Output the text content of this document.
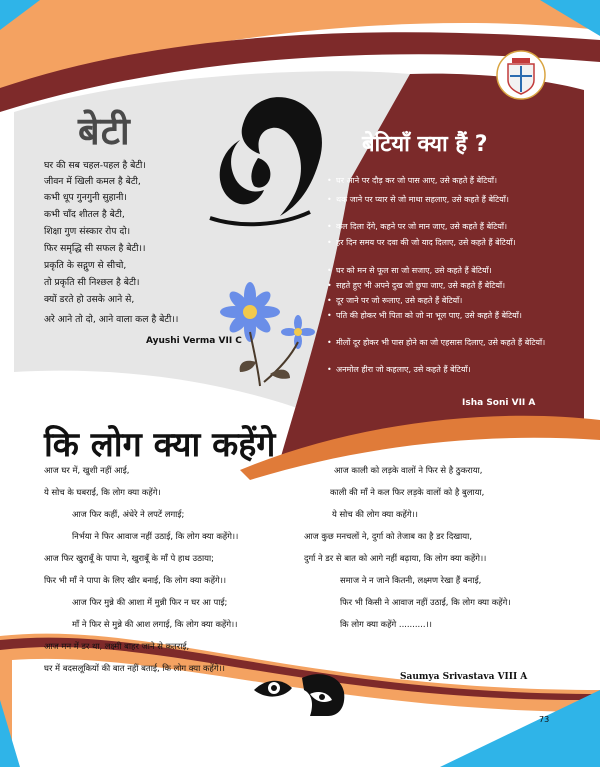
बेटी
घर की सब चहल-पहल है बेटी।
जीवन में खिली कमल है बेटी,
कभी धूप गुनगुनी सुहानी।
कभी चाँद शीतल है बेटी,
शिक्षा गुण संस्कार रोप दो।
फिर समृद्धि सी सफल है बेटी।।
प्रकृति के सद्गुण से सीचो,
तो प्रकृति सी निश्छल है बेटी।
क्यों डरते हो उसके आने से,
अरे आने तो दो, आने वाला कल है बेटी।।
Ayushi Verma VII C
बेटियाँ क्या हैं ?
• घर आने पर दौड़ कर जो पास आए, उसे कहते हैं बेटियाँ।
• थक जाने पर प्यार से जो माथा सहलाए, उसे कहते हैं बेटियाँ।
• कल दिला देंगे, कहने पर जो मान जाए, उसे कहते हैं बेटियाँ।
• हर दिन समय पर दवा की जो याद दिलाए, उसे कहते हैं बेटियाँ।
• घर को मन से फूल सा जो सजाए, उसे कहते हैं बेटियाँ।
• सहते हुए भी अपने दुख जो छुपा जाए, उसे कहते हैं बेटियाँ।
• दूर जाने पर जो रूलाए, उसे कहते हैं बेटियाँ।
• पति की होकर भी पिता को जो ना भूल पाए, उसे कहते हैं बेटियाँ।
• मीलों दूर होकर भी पास होने का जो एहसास दिलाए, उसे कहते हैं बेटियाँ।
• अनमोल हीरा जो कहलाए, उसे कहते हैं बेटियाँ।
Isha Soni VII A
कि लोग क्या कहेंगे
आज घर में, खुशी नहीं आई,
ये सोच के घबराई, कि लोग क्या कहेंगे।
आज फिर कहीं, अंधेरे ने लपटें लगाई;
निर्भया ने फिर आवाज नहीं उठाई, कि लोग क्या कहेंगे।।
आज फिर खुराबूँ के पापा ने, खुराबूँ के माँ पे हाथ उठाया;
फिर भी माँ ने पापा के लिए खीर बनाई, कि लोग क्या कहेंगे।।
आज फिर मुन्ने की आशा में मुन्नी फिर न घर आ पाई;
माँ ने फिर से मुन्ने की आश लगाई, कि लोग क्या कहेंगे।।
आज मन में डर था, लक्ष्मी बाहर जाने से कतराई,
घर में बदसलूकियों की बात नहीं बताई, कि लोग क्या कहेंगे।।
आज काली को लड़के वालों ने फिर से है ठुकराया,
काली की माँ ने कल फिर लड़के वालों को है बुलाया,
ये सोच की लोग क्या कहेंगे।।
आज कुछ मनचलों ने, दुर्गा को तेजाब का है डर दिखाया,
दुर्गा ने डर से बात को आगे नहीं बढ़ाया, कि लोग क्या कहेंगे।।
समाज ने न जाने कितनी, लक्ष्मण रेखा हैं बनाई,
फिर भी किसी ने आवाज नहीं उठाई, कि लोग क्या कहेंगे।
कि लोग क्या कहेंगे ..........।।
Saumya Srivastava VIII A
73
